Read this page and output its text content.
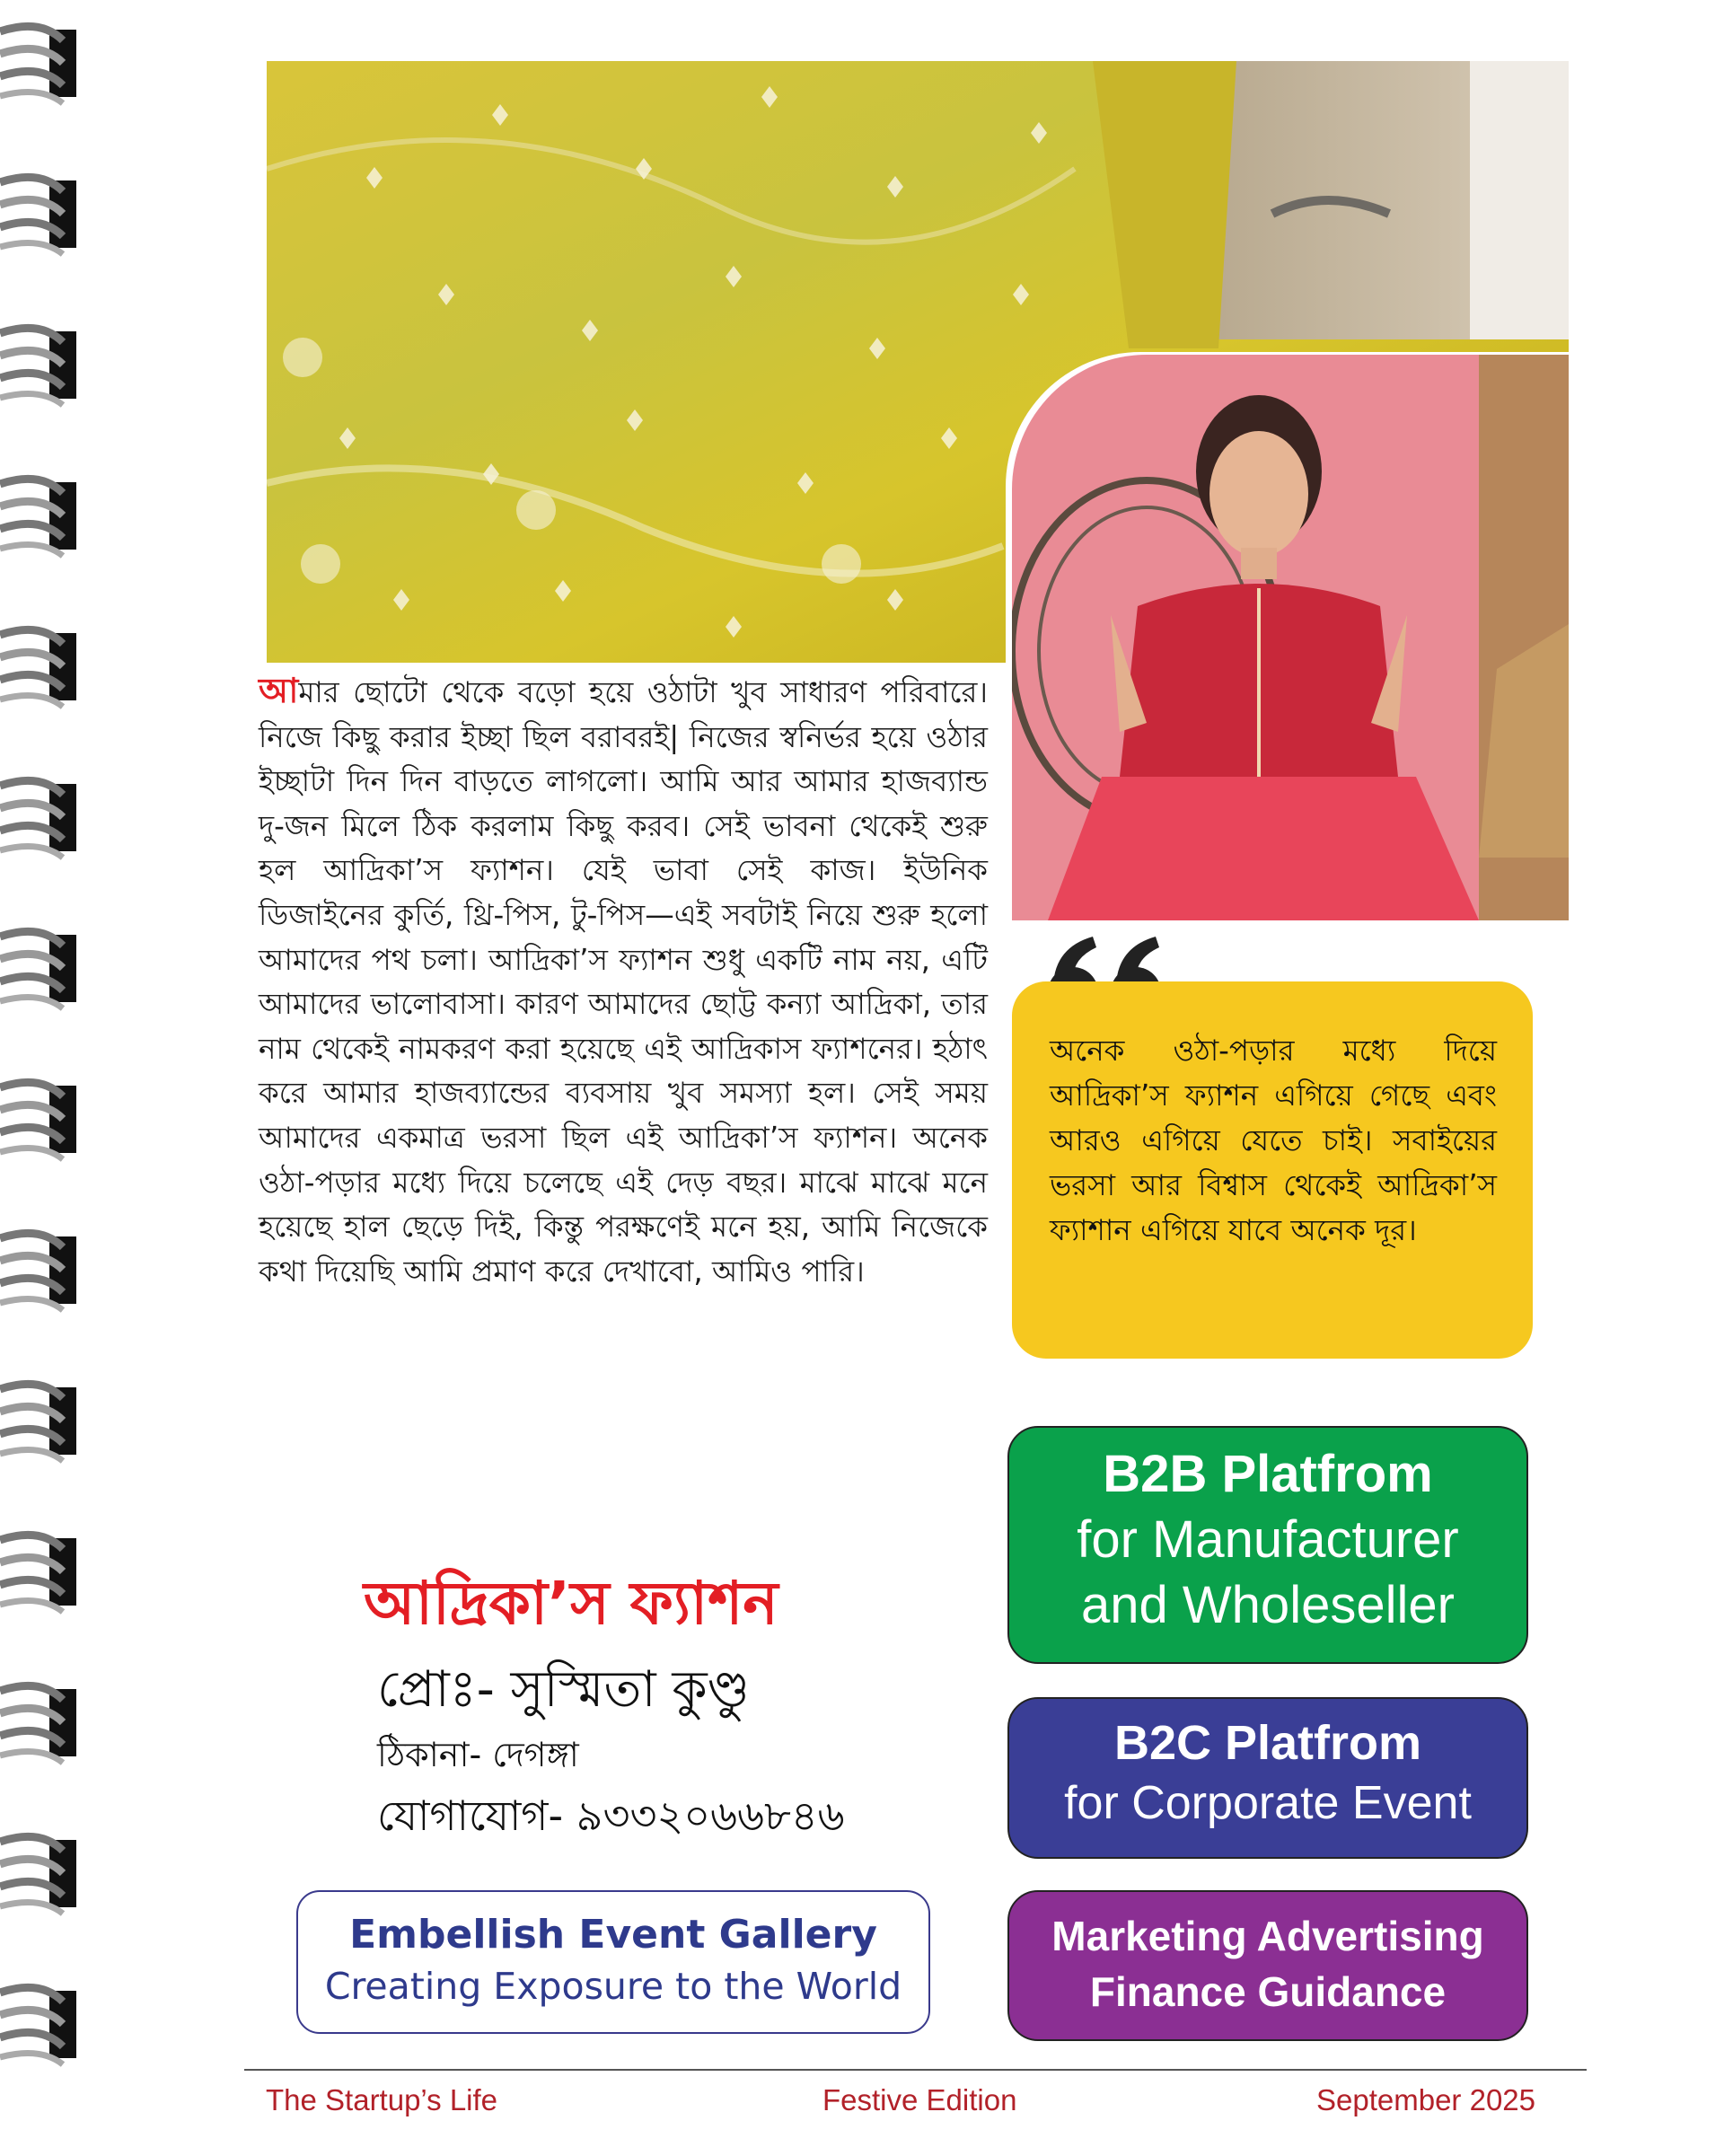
আমার ছোটো থেকে বড়ো হয়ে ওঠাটা খুব সাধারণ পরিবারে। নিজে কিছু করার ইচ্ছা ছিল বরাবরই| নিজের স্বনির্ভর হয়ে ওঠার ইচ্ছাটা দিন দিন বাড়তে লাগলো। আমি আর আমার হাজব্যান্ড দু-জন মিলে ঠিক করলাম কিছু করব। সেই ভাবনা থেকেই শুরু হল আদ্রিকা’স ফ্যাশন। যেই ভাবা সেই কাজ। ইউনিক ডিজাইনের কুর্তি, থ্রি-পিস, টু-পিস—এই সবটাই নিয়ে শুরু হলো আমাদের পথ চলা। আদ্রিকা’স ফ্যাশন শুধু একটি নাম নয়, এটি আমাদের ভালোবাসা। কারণ আমাদের ছোট্ট কন্যা আদ্রিকা, তার নাম থেকেই নামকরণ করা হয়েছে এই আদ্রিকাস ফ্যাশনের। হঠাৎ করে আমার হাজব্যান্ডের ব্যবসায় খুব সমস্যা হল। সেই সময় আমাদের একমাত্র ভরসা ছিল এই আদ্রিকা’স ফ্যাশন। অনেক ওঠা-পড়ার মধ্যে দিয়ে চলেছে এই দেড় বছর। মাঝে মাঝে মনে হয়েছে হাল ছেড়ে দিই, কিন্তু পরক্ষণেই মনে হয়, আমি নিজেকে কথা দিয়েছি আমি প্রমাণ করে দেখাবো, আমিও পারি।
আদ্রিকা’স ফ্যাশন
প্রোঃ- সুস্মিতা কুণ্ডু
ঠিকানা- দেগঙ্গা
যোগাযোগ- ৯৩৩২০৬৬৮৪৬
অনেক ওঠা-পড়ার মধ্যে দিয়ে আদ্রিকা’স ফ্যাশন এগিয়ে গেছে এবং আরও এগিয়ে যেতে চাই। সবাইয়ের ভরসা আর বিশ্বাস থেকেই আদ্রিকা’স ফ্যাশান এগিয়ে যাবে অনেক দূর।
B2B Platfrom
for Manufacturer
and Wholeseller
B2C Platfrom
for Corporate Event
Marketing Advertising
Finance Guidance
Embellish Event Gallery
Creating Exposure to the World
The Startup’s Life	Festive Edition	September 2025
